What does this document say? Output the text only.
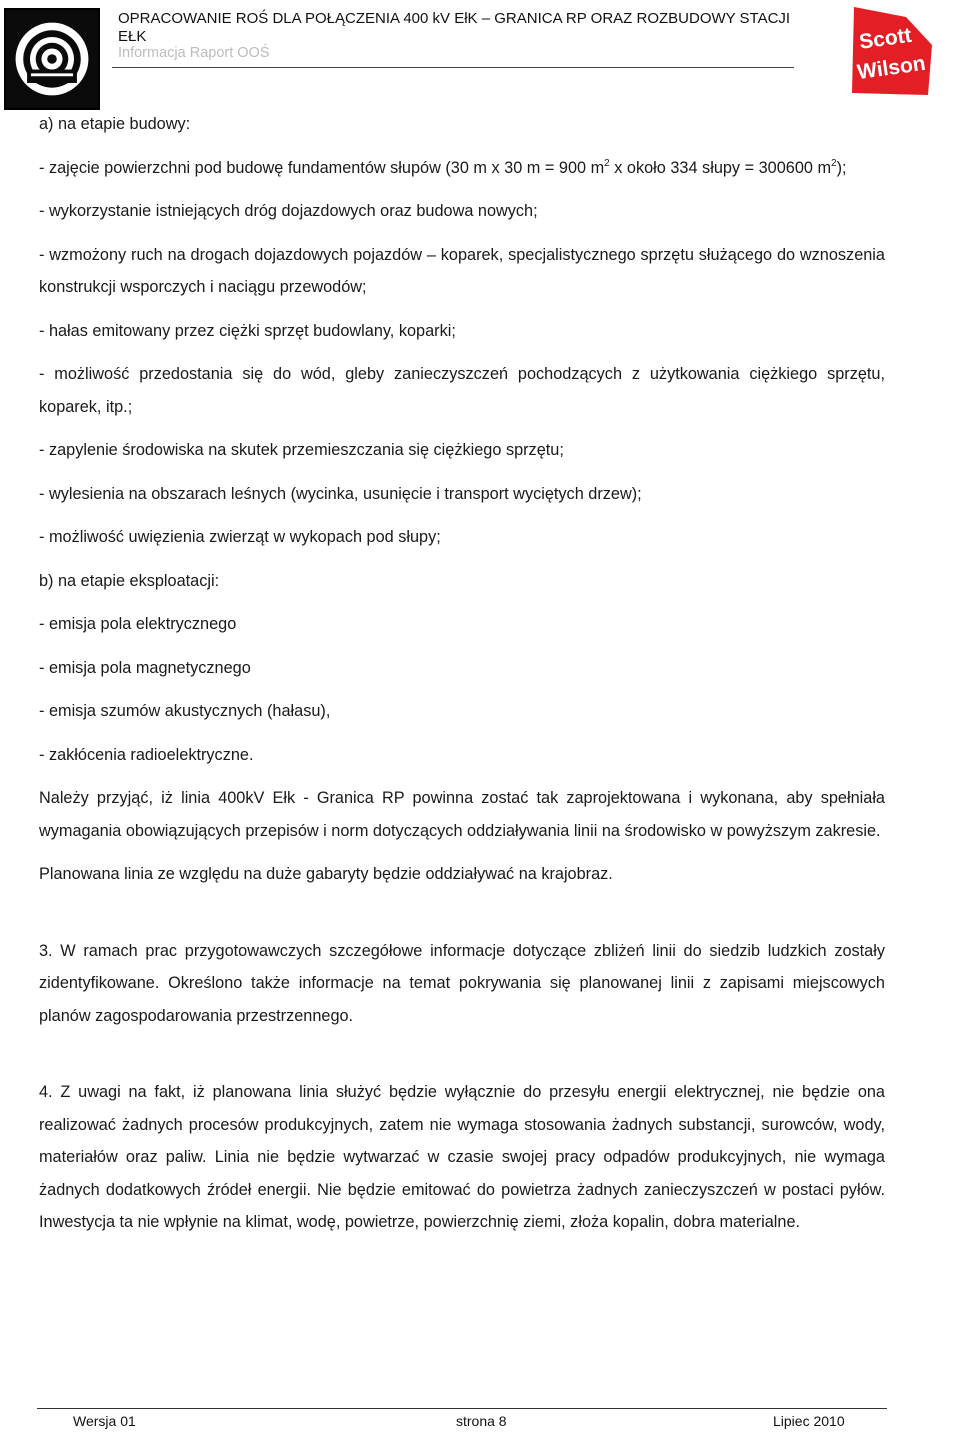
OPRACOWANIE ROŚ DLA POŁĄCZENIA 400 kV EłK – GRANICA RP ORAZ ROZBUDOWY STACJI EŁK
Informacja Raport OOŚ	Scott
Wilson

a) na etapie budowy:

- zajęcie powierzchni pod budowę fundamentów słupów (30 m x 30 m = 900 $m^2$ x około 334 słupy = 300600 $m^2$);

- wykorzystanie istniejących dróg dojazdowych oraz budowa nowych;

- wzmożony ruch na drogach dojazdowych pojazdów – koparek, specjalistycznego sprzętu służącego do wznoszenia konstrukcji wsporczych i naciągu przewodów;

- hałas emitowany przez ciężki sprzęt budowlany, koparki;

- możliwość przedostania się do wód, gleby zanieczyszczeń pochodzących z użytkowania ciężkiego sprzętu, koparek, itp.;

- zapylenie środowiska na skutek przemieszczania się ciężkiego sprzętu;

- wylesienia na obszarach leśnych (wycinka, usunięcie i transport wyciętych drzew);

- możliwość uwięzienia zwierząt w wykopach pod słupy;

b) na etapie eksploatacji:

- emisja pola elektrycznego

- emisja pola magnetycznego

- emisja szumów akustycznych (hałasu),

- zakłócenia radioelektryczne.

Należy przyjąć, iż linia 400kV Ełk - Granica RP powinna zostać tak zaprojektowana i wykonana, aby spełniała wymagania obowiązujących przepisów i norm dotyczących oddziaływania linii na środowisko w powyższym zakresie.

Planowana linia ze względu na duże gabaryty będzie oddziaływać na krajobraz.

3. W ramach prac przygotowawczych szczegółowe informacje dotyczące zbliżeń linii do siedzib ludzkich zostały zidentyfikowane. Określono także informacje na temat pokrywania się planowanej linii z zapisami miejscowych planów zagospodarowania przestrzennego.

4. Z uwagi na fakt, iż planowana linia służyć będzie wyłącznie do przesyłu energii elektrycznej, nie będzie ona realizować żadnych procesów produkcyjnych, zatem nie wymaga stosowania żadnych substancji, surowców, wody, materiałów oraz paliw. Linia nie będzie wytwarzać w czasie swojej pracy odpadów produkcyjnych, nie wymaga żadnych dodatkowych źródeł energii. Nie będzie emitować do powietrza żadnych zanieczyszczeń w postaci pyłów. Inwestycja ta nie wpłynie na klimat, wodę, powietrze, powierzchnię ziemi, złoża kopalin, dobra materialne.

Wersja 01	strona 8	Lipiec 2010
